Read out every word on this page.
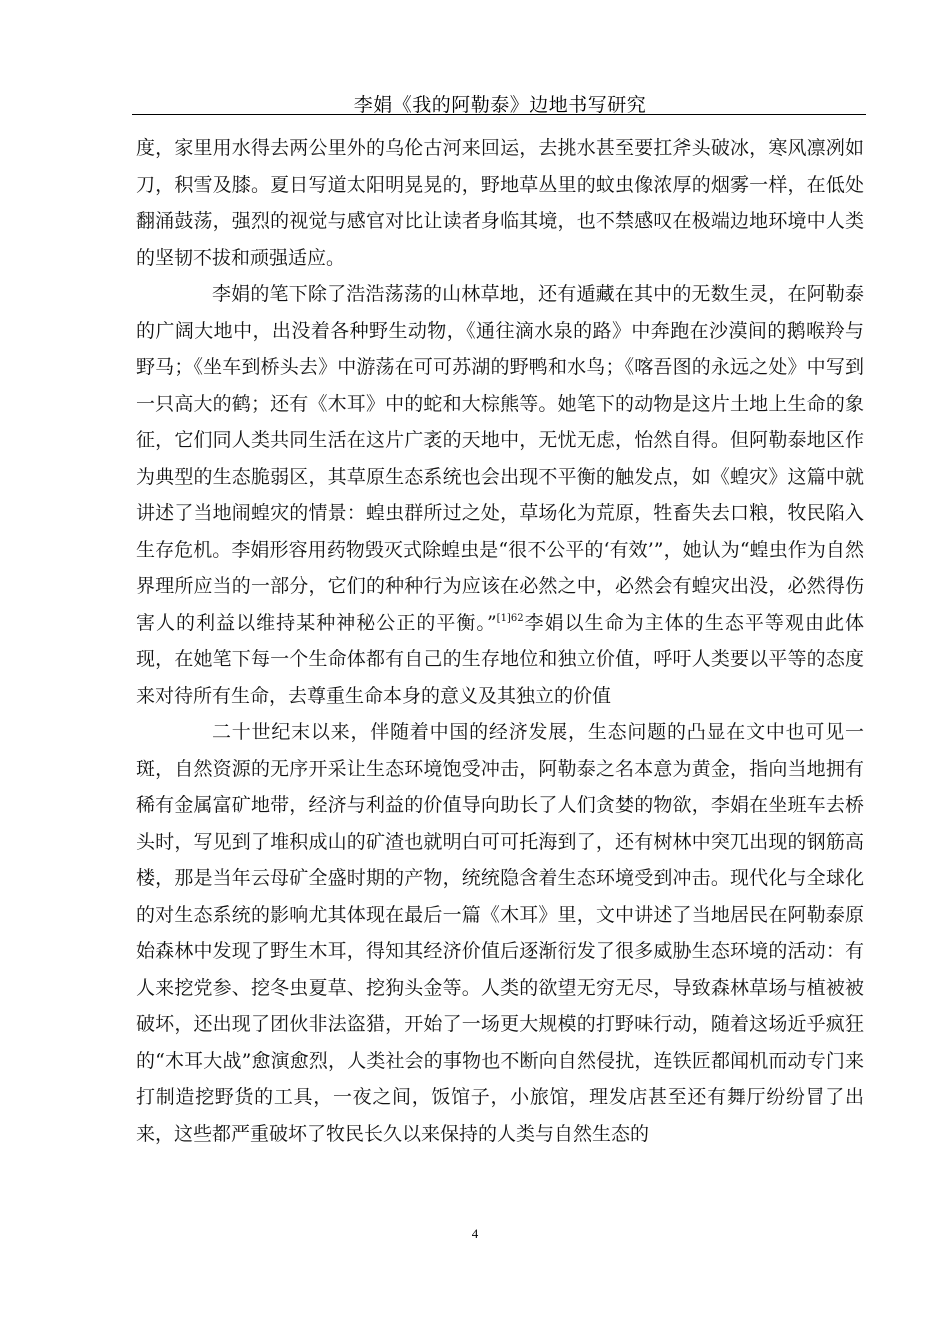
李娟《我的阿勒泰》边地书写研究

度，家里用水得去两公里外的乌伦古河来回运，去挑水甚至要扛斧头破冰，寒风凛冽如刀，积雪及膝。夏日写道太阳明晃晃的，野地草丛里的蚊虫像浓厚的烟雾一样，在低处翻涌鼓荡，强烈的视觉与感官对比让读者身临其境，也不禁感叹在极端边地环境中人类的坚韧不拔和顽强适应。

李娟的笔下除了浩浩荡荡的山林草地，还有遁藏在其中的无数生灵，在阿勒泰的广阔大地中，出没着各种野生动物，《通往滴水泉的路》中奔跑在沙漠间的鹅喉羚与野马；《坐车到桥头去》中游荡在可可苏湖的野鸭和水鸟；《喀吾图的永远之处》中写到一只高大的鹤；还有《木耳》中的蛇和大棕熊等。她笔下的动物是这片土地上生命的象征，它们同人类共同生活在这片广袤的天地中，无忧无虑，怡然自得。但阿勒泰地区作为典型的生态脆弱区，其草原生态系统也会出现不平衡的触发点，如《蝗灾》这篇中就讲述了当地闹蝗灾的情景：蝗虫群所过之处，草场化为荒原，牲畜失去口粮，牧民陷入生存危机。李娟形容用药物毁灭式除蝗虫是“很不公平的‘有效’”，她认为“蝗虫作为自然界理所应当的一部分，它们的种种行为应该在必然之中，必然会有蝗灾出没，必然得伤害人的利益以维持某种神秘公正的平衡。”$^{[1]62}$李娟以生命为主体的生态平等观由此体现，在她笔下每一个生命体都有自己的生存地位和独立价值，呼吁人类要以平等的态度来对待所有生命，去尊重生命本身的意义及其独立的价值

二十世纪末以来，伴随着中国的经济发展，生态问题的凸显在文中也可见一斑，自然资源的无序开采让生态环境饱受冲击，阿勒泰之名本意为黄金，指向当地拥有稀有金属富矿地带，经济与利益的价值导向助长了人们贪婪的物欲，李娟在坐班车去桥头时，写见到了堆积成山的矿渣也就明白可可托海到了，还有树林中突兀出现的钢筋高楼，那是当年云母矿全盛时期的产物，统统隐含着生态环境受到冲击。现代化与全球化的对生态系统的影响尤其体现在最后一篇《木耳》里，文中讲述了当地居民在阿勒泰原始森林中发现了野生木耳，得知其经济价值后逐渐衍发了很多威胁生态环境的活动：有人来挖党参、挖冬虫夏草、挖狗头金等。人类的欲望无穷无尽，导致森林草场与植被被破坏，还出现了团伙非法盗猎，开始了一场更大规模的打野味行动，随着这场近乎疯狂的“木耳大战”愈演愈烈，人类社会的事物也不断向自然侵扰，连铁匠都闻机而动专门来打制造挖野货的工具，一夜之间，饭馆子，小旅馆，理发店甚至还有舞厅纷纷冒了出来，这些都严重破坏了牧民长久以来保持的人类与自然生态的

4
